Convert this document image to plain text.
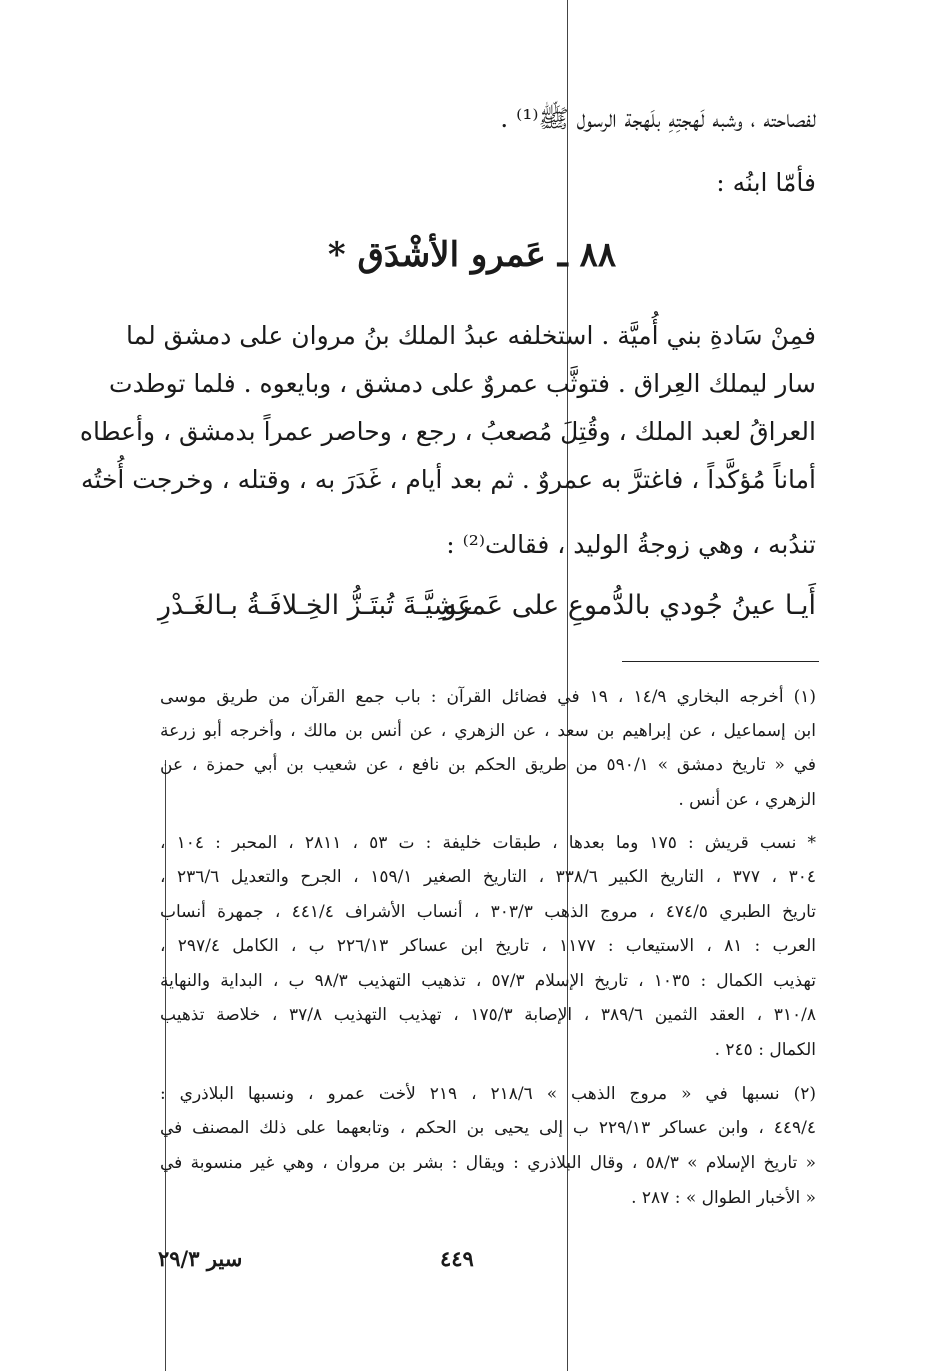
لفصاحته ، وشبه لَهجتِهِ بلَهجة الرسول ﷺ⁽¹⁾ .
فأمّا ابنُه :
٨٨ ـ عَمرو الأشْدَق *
فمِنْ سَادةِ بني أُميَّة . استخلفه عبدُ الملك بنُ مروان على دمشق لما
سار ليملك العِراق . فتوثَّب عمروٌ على دمشق ، وبايعوه . فلما توطدت
العراقُ لعبد الملك ، وقُتِلَ مُصعبُ ، رجع ، وحاصر عمراً بدمشق ، وأعطاه
أماناً مُؤكَّداً ، فاغترَّ به عمروٌ . ثم بعد أيام ، غَدَرَ به ، وقتله ، وخرجت أُختُه
تندُبه ، وهي زوجةُ الوليد ، فقالت⁽²⁾ :
أَيـا عينُ جُودي بالدُّموعِ على عَمرو
عَشِيَّـةَ تُبتَـزُّ الخِـلافَـةُ بـالغَـدْرِ
(١) أخرجه البخاري ١٤/٩ ، ١٩ في فضائل القرآن : باب جمع القرآن من طريق موسى
ابن إسماعيل ، عن إبراهيم بن سعد ، عن الزهري ، عن أنس بن مالك ، وأخرجه أبو زرعة
في « تاريخ دمشق » ٥٩٠/١ من طريق الحكم بن نافع ، عن شعيب بن أبي حمزة ، عن
الزهري ، عن أنس .
* نسب قريش : ١٧٥ وما بعدها ، طبقات خليفة : ت ٥٣ ، ٢٨١١ ، المحبر : ١٠٤ ،
٣٠٤ ، ٣٧٧ ، التاريخ الكبير ٣٣٨/٦ ، التاريخ الصغير ١٥٩/١ ، الجرح والتعديل ٢٣٦/٦ ،
تاريخ الطبري ٤٧٤/٥ ، مروج الذهب ٣٠٣/٣ ، أنساب الأشراف ٤٤١/٤ ، جمهرة أنساب
العرب : ٨١ ، الاستيعاب : ١١٧٧ ، تاريخ ابن عساكر ٢٢٦/١٣ ب ، الكامل ٢٩٧/٤ ،
تهذيب الكمال : ١٠٣٥ ، تاريخ الإسلام ٥٧/٣ ، تذهيب التهذيب ٩٨/٣ ب ، البداية والنهاية
٣١٠/٨ ، العقد الثمين ٣٨٩/٦ ، الإصابة ١٧٥/٣ ، تهذيب التهذيب ٣٧/٨ ، خلاصة تذهيب
الكمال : ٢٤٥ .
(٢) نسبها في « مروج الذهب » ٢١٨/٦ ، ٢١٩ لأخت عمرو ، ونسبها البلاذري :
٤٤٩/٤ ، وابن عساكر ٢٢٩/١٣ ب إلى يحيى بن الحكم ، وتابعهما على ذلك المصنف في
« تاريخ الإسلام » ٥٨/٣ ، وقال البلاذري : ويقال : بشر بن مروان ، وهي غير منسوبة في
« الأخبار الطوال » : ٢٨٧ .
٤٤٩
سير ٢٩/٣
